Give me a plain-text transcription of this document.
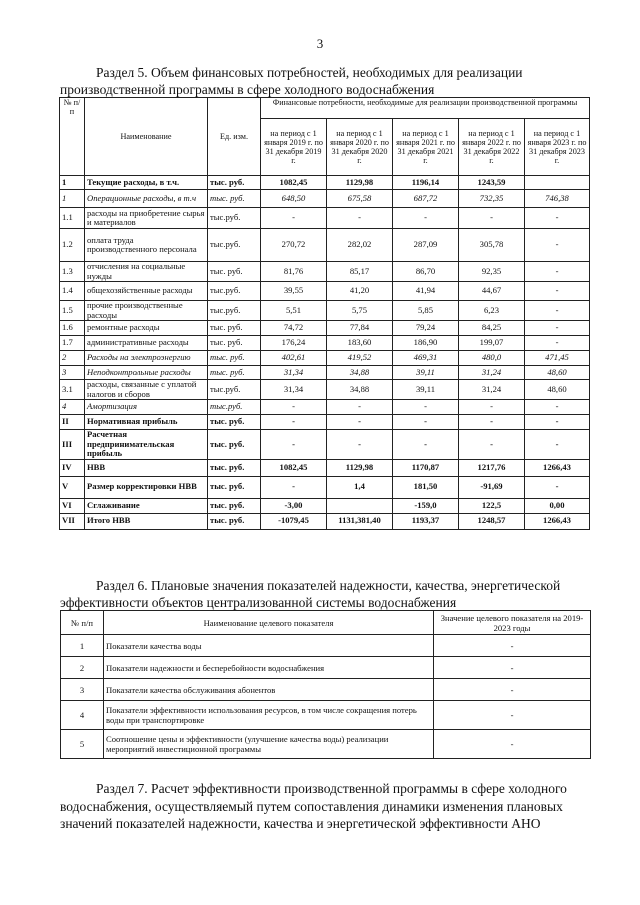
3
Раздел 5. Объем финансовых потребностей, необходимых для реализации
производственной программы в сфере холодного водоснабжения
№ п/п	Наименование	Ед. изм.	Финансовые потребности, необходимые для реализации производственной программы				
			на период с 1 января 2019 г. по 31 декабря 2019 г.	на период с 1 января 2020 г. по 31 декабря 2020 г.	на период с 1 января 2021 г. по 31 декабря 2021 г.	на период с 1 января 2022 г. по 31 декабря 2022 г.	на период с 1 января 2023 г. по 31 декабря 2023 г.
1	Текущие расходы, в т.ч.	тыс. руб.	1082,45	1129,98	1196,14	1243,59	
1	Операционные расходы, в т.ч	тыс. руб.	648,50	675,58	687,72	732,35	746,38
1.1	расходы на приобретение сырья и материалов	тыс.руб.	-	-	-	-	-
1.2	оплата труда производственного персонала	тыс.руб.	270,72	282,02	287,09	305,78	-
1.3	отчисления на социальные нужды	тыс. руб.	81,76	85,17	86,70	92,35	-
1.4	общехозяйственные расходы	тыс.руб.	39,55	41,20	41,94	44,67	-
1.5	прочие производственные расходы	тыс.руб.	5,51	5,75	5,85	6,23	-
1.6	ремонтные расходы	тыс. руб.	74,72	77,84	79,24	84,25	-
1.7	административные расходы	тыс. руб.	176,24	183,60	186,90	199,07	-
2	Расходы на электроэнергию	тыс. руб.	402,61	419,52	469,31	480,0	471,45
3	Неподконтрольные расходы	тыс. руб.	31,34	34,88	39,11	31,24	48,60
3.1	расходы, связанные с уплатой налогов и сборов	тыс.руб.	31,34	34,88	39,11	31,24	48,60
4	Амортизация	тыс.руб.	-	-	-	-	-
II	Нормативная прибыль	тыс. руб.	-	-	-	-	-
III	Расчетная предпринимательская прибыль	тыс. руб.	-	-	-	-	-
IV	НВВ	тыс. руб.	1082,45	1129,98	1170,87	1217,76	1266,43
V	Размер корректировки НВВ	тыс. руб.	-	1,4	181,50	-91,69	-
VI	Сглаживание	тыс. руб.	-3,00		-159,0	122,5	0,00
VII	Итого НВВ	тыс. руб.	-1079,45	1131,381,40	1193,37	1248,57	1266,43
Раздел 6. Плановые значения показателей надежности, качества, энергетической
эффективности объектов централизованной системы водоснабжения
№ п/п	Наименование целевого показателя	Значение целевого показателя на 2019-2023 годы
1	Показатели качества воды	-
2	Показатели надежности и бесперебойности водоснабжения	-
3	Показатели качества обслуживания абонентов	-
4	Показатели эффективности использования ресурсов, в том числе сокращения потерь воды при транспортировке	-
5	Соотношение цены и эффективности (улучшение качества воды) реализации мероприятий инвестиционной программы	-
Раздел 7. Расчет эффективности производственной программы в сфере холодного
водоснабжения, осуществляемый путем сопоставления динамики изменения плановых
значений показателей надежности, качества и энергетической эффективности АНО
